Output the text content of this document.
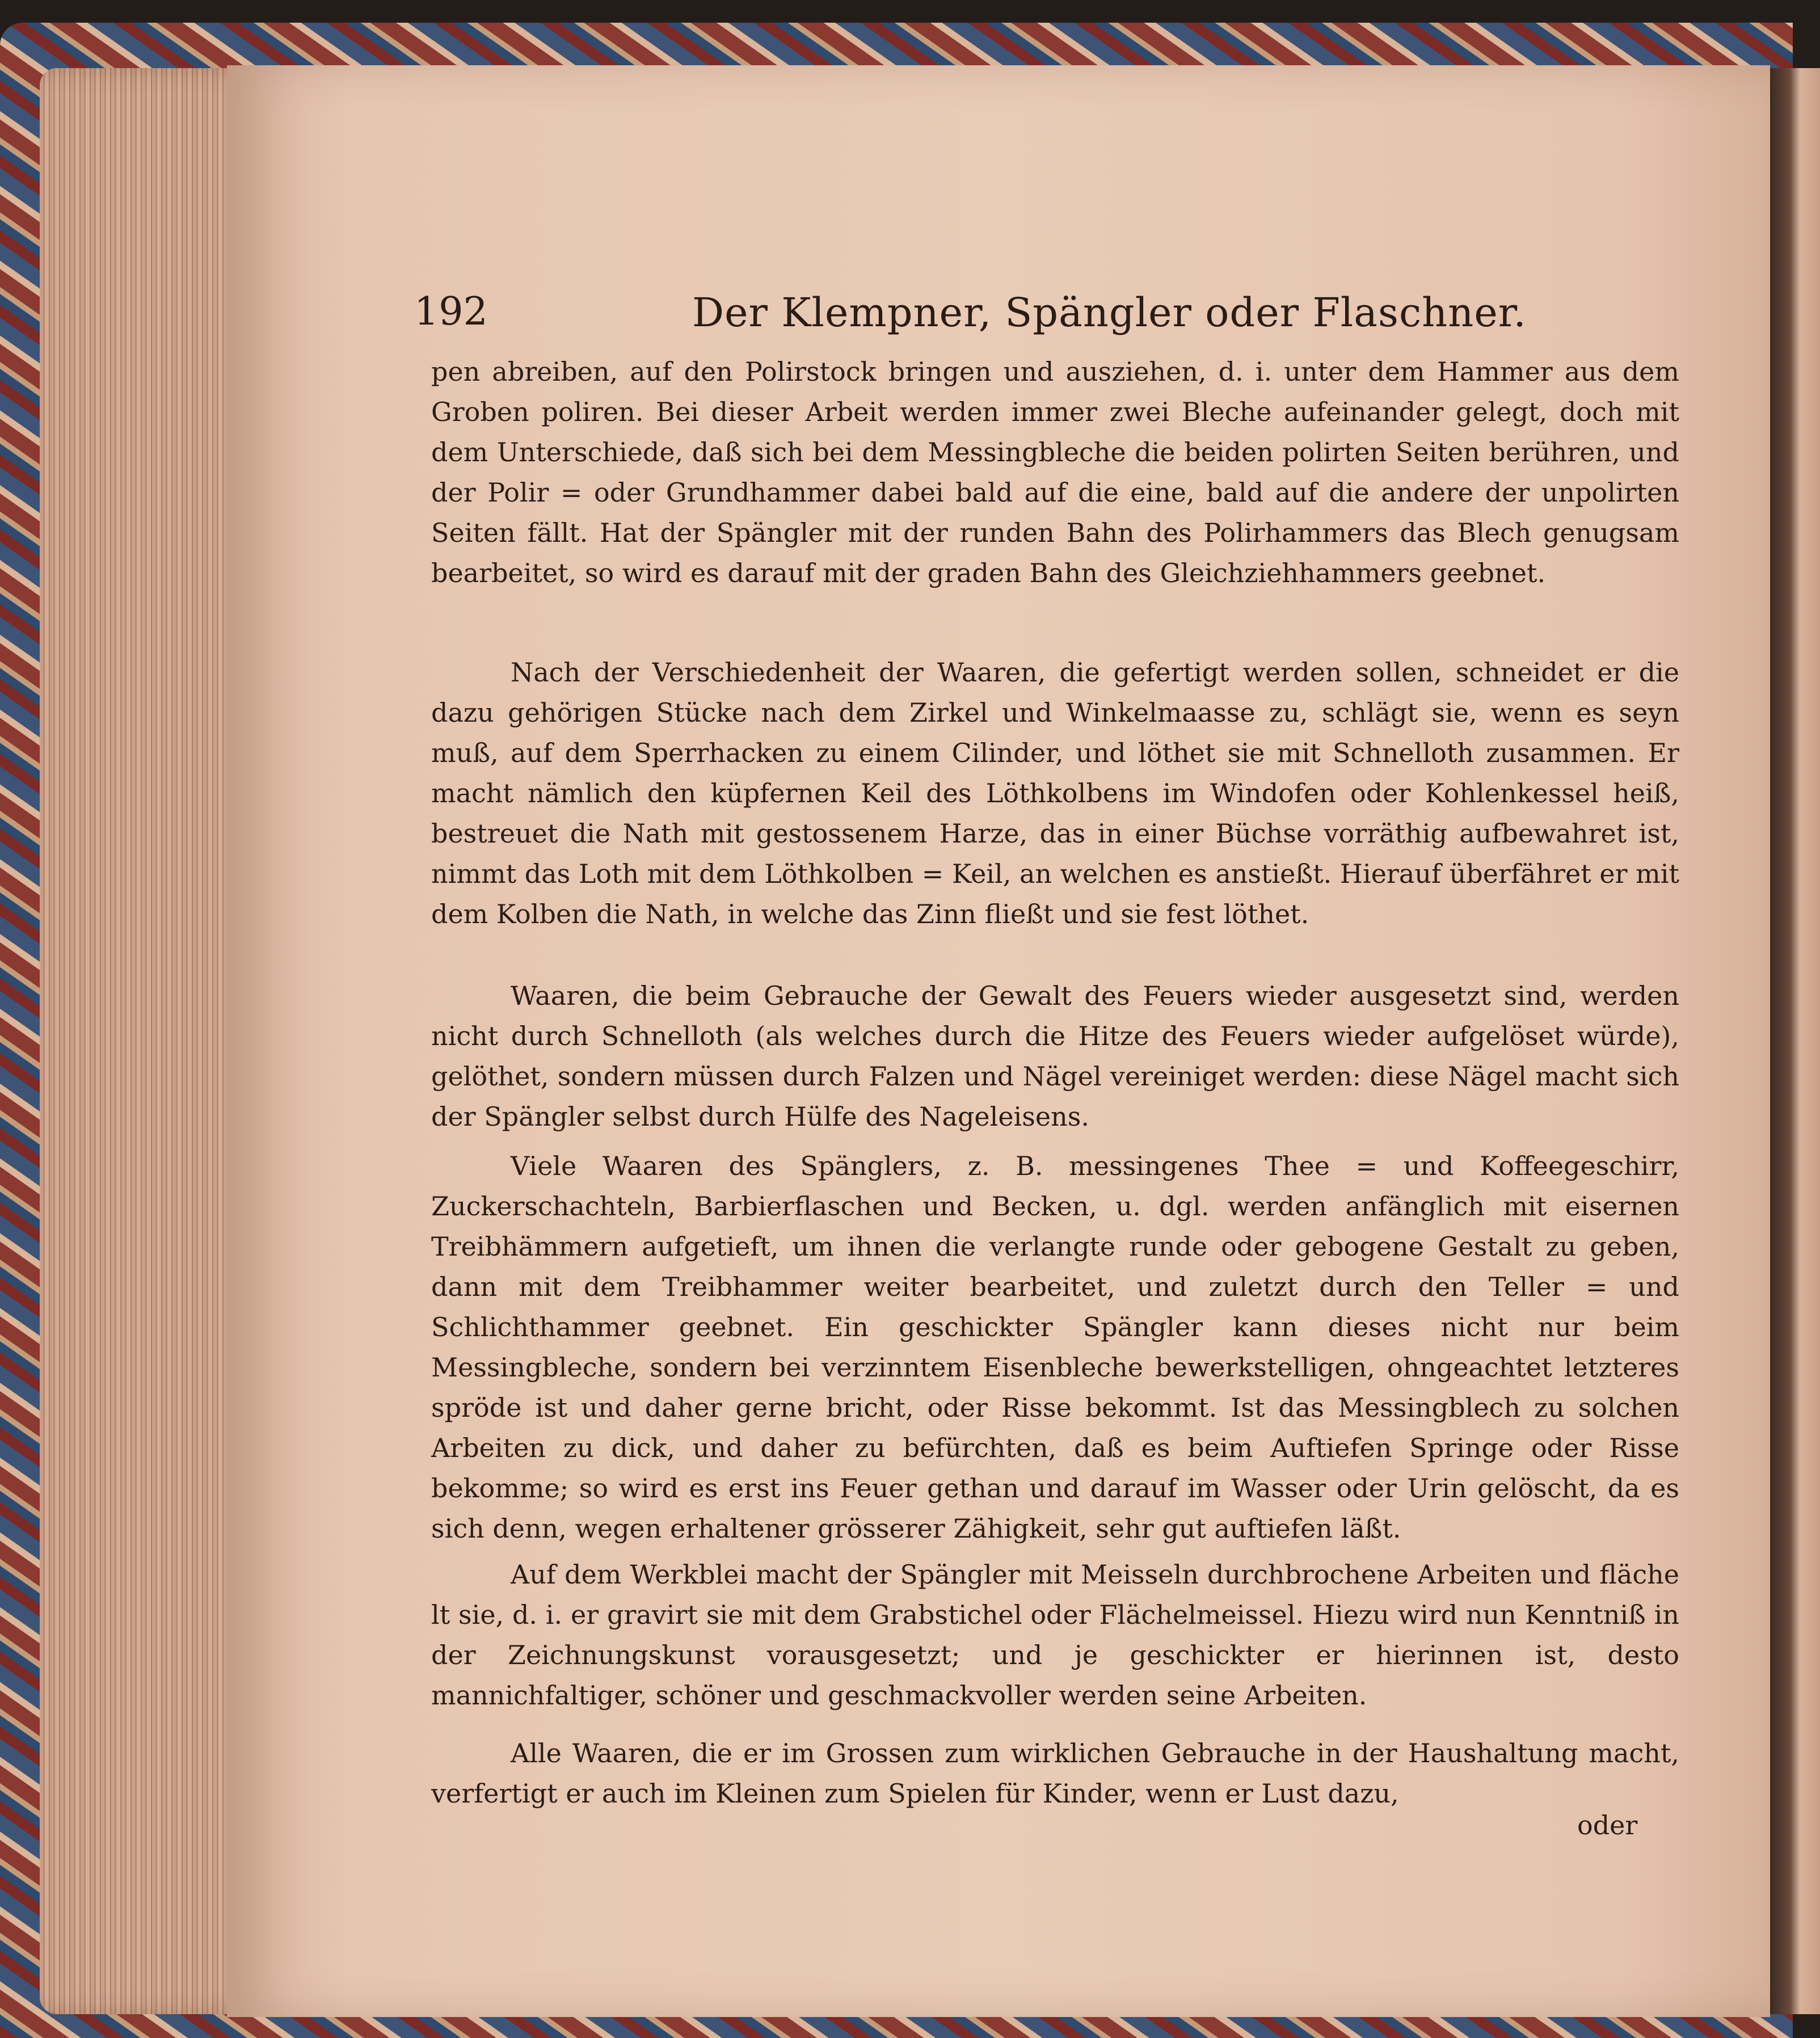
192	Der Klempner, Spängler oder Flaschner.

pen abreiben, auf den Polirstock bringen und ausziehen, d. i. unter dem Hammer aus dem Groben poliren. Bei dieser Arbeit werden immer zwei Bleche aufeinander gelegt, doch mit dem Unterschiede, daß sich bei dem Messingbleche die beiden polirten Seiten berühren, und der Polir = oder Grundhammer dabei bald auf die eine, bald auf die andere der unpolirten Seiten fällt. Hat der Spängler mit der runden Bahn des Polirhammers das Blech genugsam bearbeitet, so wird es darauf mit der graden Bahn des Gleichziehhammers geebnet.

Nach der Verschiedenheit der Waaren, die gefertigt werden sollen, schneidet er die dazu gehörigen Stücke nach dem Zirkel und Winkelmaasse zu, schlägt sie, wenn es seyn muß, auf dem Sperrhacken zu einem Cilinder, und löthet sie mit Schnelloth zusammen. Er macht nämlich den küpfernen Keil des Löthkolbens im Windofen oder Kohlenkessel heiß, bestreuet die Nath mit gestossenem Harze, das in einer Büchse vorräthig aufbewahret ist, nimmt das Loth mit dem Löthkolben = Keil, an welchen es anstießt. Hierauf überfähret er mit dem Kolben die Nath, in welche das Zinn fließt und sie fest löthet.

Waaren, die beim Gebrauche der Gewalt des Feuers wieder ausgesetzt sind, werden nicht durch Schnelloth (als welches durch die Hitze des Feuers wieder aufgelöset würde), gelöthet, sondern müssen durch Falzen und Nägel vereiniget werden: diese Nägel macht sich der Spängler selbst durch Hülfe des Nageleisens.

Viele Waaren des Spänglers, z. B. messingenes Thee = und Koffeegeschirr, Zuckerschachteln, Barbierflaschen und Becken, u. dgl. werden anfänglich mit eisernen Treibhämmern aufgetieft, um ihnen die verlangte runde oder gebogene Gestalt zu geben, dann mit dem Treibhammer weiter bearbeitet, und zuletzt durch den Teller = und Schlichthammer geebnet. Ein geschickter Spängler kann dieses nicht nur beim Messingbleche, sondern bei verzinntem Eisenbleche bewerkstelligen, ohngeachtet letzteres spröde ist und daher gerne bricht, oder Risse bekommt. Ist das Messingblech zu solchen Arbeiten zu dick, und daher zu befürchten, daß es beim Auftiefen Springe oder Risse bekomme; so wird es erst ins Feuer gethan und darauf im Wasser oder Urin gelöscht, da es sich denn, wegen erhaltener grösserer Zähigkeit, sehr gut auftiefen läßt.

Auf dem Werkblei macht der Spängler mit Meisseln durchbrochene Arbeiten und fläche lt sie, d. i. er gravirt sie mit dem Grabstichel oder Flächelmeissel. Hiezu wird nun Kenntniß in der Zeichnungskunst vorausgesetzt; und je geschickter er hierinnen ist, desto mannichfaltiger, schöner und geschmackvoller werden seine Arbeiten.

Alle Waaren, die er im Grossen zum wirklichen Gebrauche in der Haushaltung macht, verfertigt er auch im Kleinen zum Spielen für Kinder, wenn er Lust dazu,

oder
